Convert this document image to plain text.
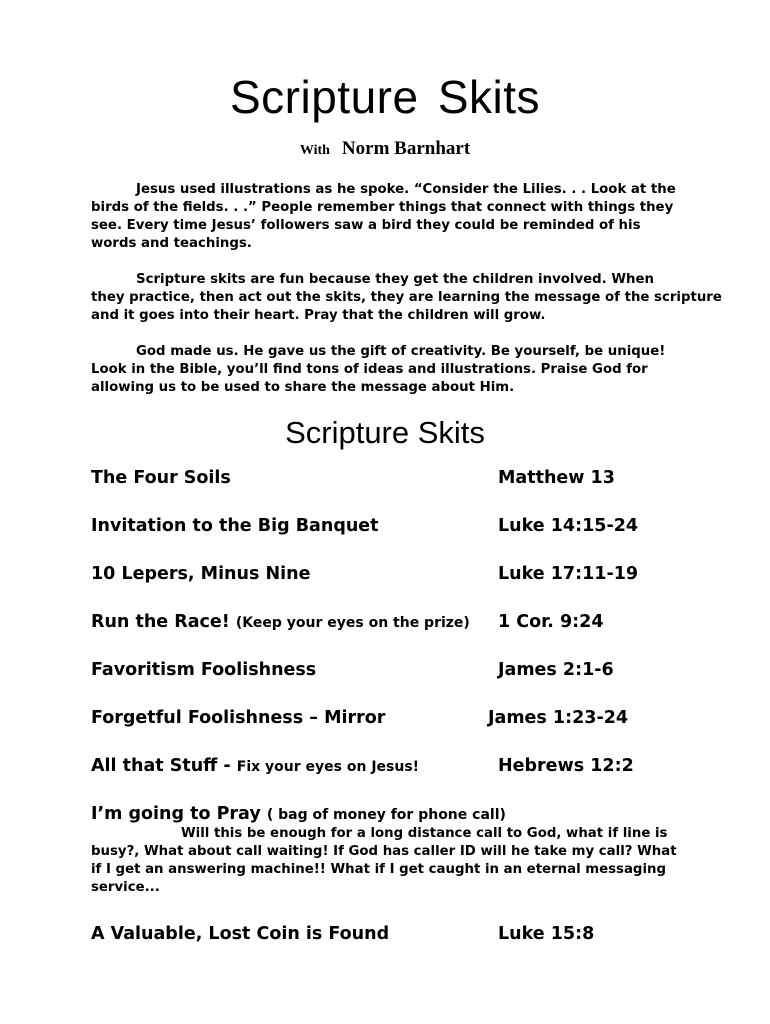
Scripture Skits
With Norm Barnhart
Jesus used illustrations as he spoke. “Consider the Lilies. . . Look at the
birds of the fields. . .” People remember things that connect with things they
see. Every time Jesus’ followers saw a bird they could be reminded of his
words and teachings.
Scripture skits are fun because they get the children involved. When
they practice, then act out the skits, they are learning the message of the scripture
and it goes into their heart. Pray that the children will grow.
God made us. He gave us the gift of creativity. Be yourself, be unique!
Look in the Bible, you’ll find tons of ideas and illustrations. Praise God for
allowing us to be used to share the message about Him.
Scripture Skits
The Four Soils	Matthew 13
Invitation to the Big Banquet	Luke 14:15-24
10 Lepers, Minus Nine	Luke 17:11-19
Run the Race! (Keep your eyes on the prize) 1 Cor. 9:24
Favoritism Foolishness	James 2:1-6
Forgetful Foolishness – Mirror	James 1:23-24
All that Stuff - Fix your eyes on Jesus!	Hebrews 12:2
I’m going to Pray ( bag of money for phone call)
Will this be enough for a long distance call to God, what if line is
busy?, What about call waiting! If God has caller ID will he take my call? What
if I get an answering machine!! What if I get caught in an eternal messaging
service...
A Valuable, Lost Coin is Found	Luke 15:8
